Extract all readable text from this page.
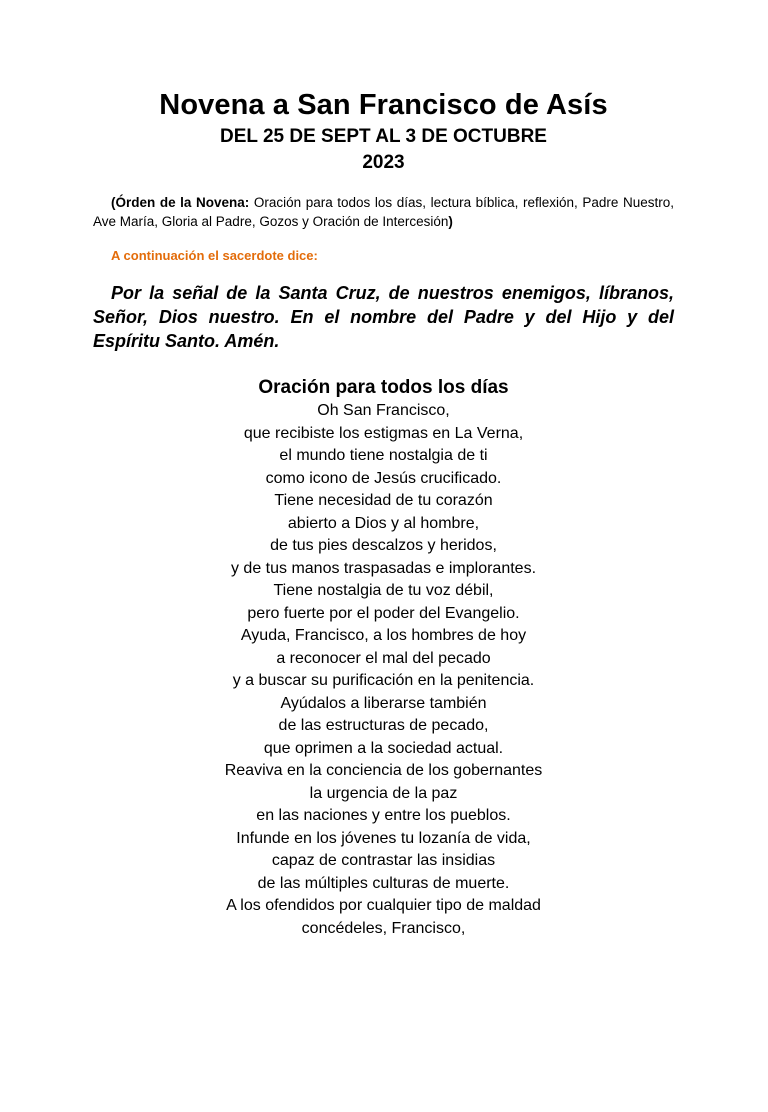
Novena a San Francisco de Asís
DEL 25 DE SEPT AL 3 DE OCTUBRE
2023

(Órden de la Novena: Oración para todos los días, lectura bíblica, reflexión, Padre Nuestro, Ave María, Gloria al Padre, Gozos y Oración de Intercesión)

A continuación el sacerdote dice:

Por la señal de la Santa Cruz, de nuestros enemigos, líbranos, Señor, Dios nuestro. En el nombre del Padre y del Hijo y del Espíritu Santo. Amén.

Oración para todos los días
Oh San Francisco,
que recibiste los estigmas en La Verna,
el mundo tiene nostalgia de ti
como icono de Jesús crucificado.
Tiene necesidad de tu corazón
abierto a Dios y al hombre,
de tus pies descalzos y heridos,
y de tus manos traspasadas e implorantes.
Tiene nostalgia de tu voz débil,
pero fuerte por el poder del Evangelio.
Ayuda, Francisco, a los hombres de hoy
a reconocer el mal del pecado
y a buscar su purificación en la penitencia.
Ayúdalos a liberarse también
de las estructuras de pecado,
que oprimen a la sociedad actual.
Reaviva en la conciencia de los gobernantes
la urgencia de la paz
en las naciones y entre los pueblos.
Infunde en los jóvenes tu lozanía de vida,
capaz de contrastar las insidias
de las múltiples culturas de muerte.
A los ofendidos por cualquier tipo de maldad
concédeles, Francisco,
